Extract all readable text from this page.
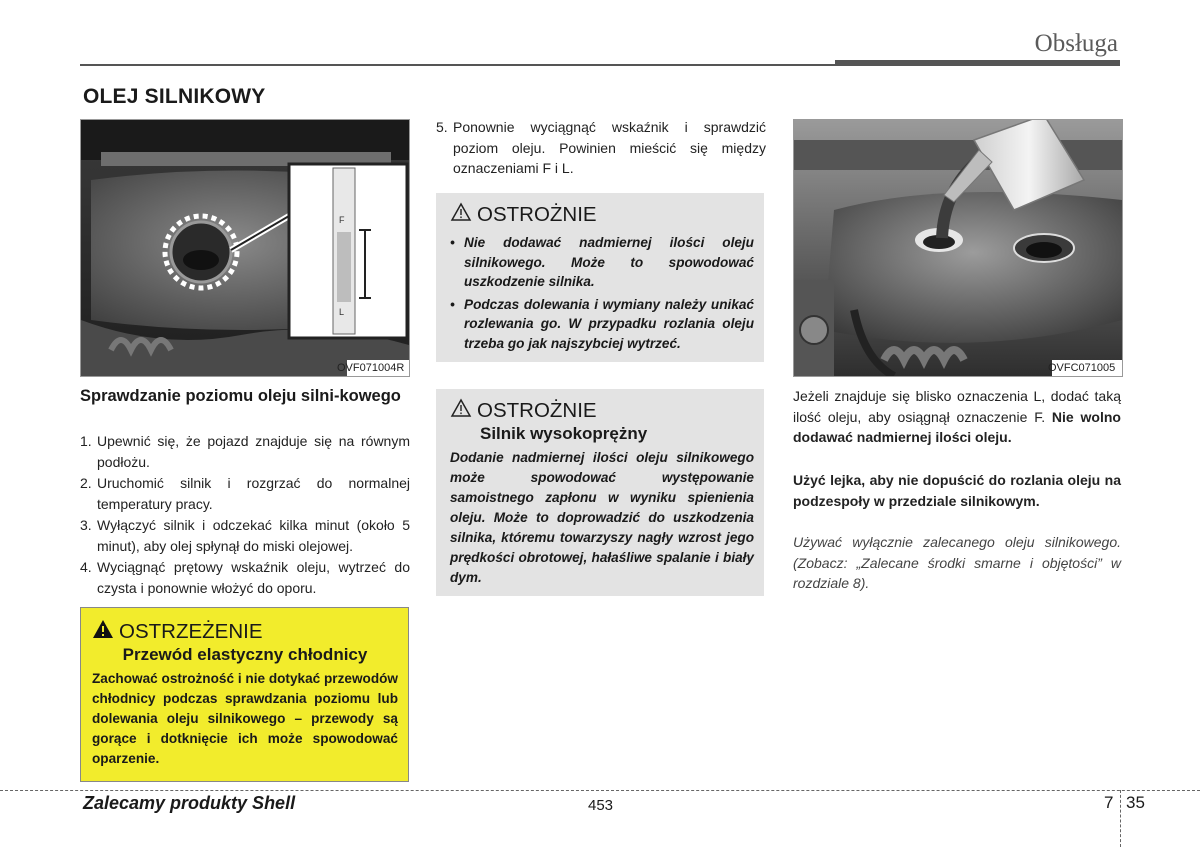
Obsługa
OLEJ SILNIKOWY
F
L
OVF071004R
Sprawdzanie poziomu oleju silni-kowego
1. Upewnić się, że pojazd znajduje się na równym podłożu.
2. Uruchomić silnik i rozgrzać do normalnej temperatury pracy.
3. Wyłączyć silnik i odczekać kilka minut (około 5 minut), aby olej spłynął do miski olejowej.
4. Wyciągnąć prętowy wskaźnik oleju, wytrzeć do czysta i ponownie włożyć do oporu.
OSTRZEŻENIE
Przewód elastyczny chłodnicy
Zachować ostrożność i nie dotykać przewodów chłodnicy podczas sprawdzania poziomu lub dolewania oleju silnikowego – przewody są gorące i dotknięcie ich może spowodować oparzenie.
5. Ponownie wyciągnąć wskaźnik i sprawdzić poziom oleju. Powinien mieścić się między oznaczeniami F i L.
OSTROŻNIE
• Nie dodawać nadmiernej ilości oleju silnikowego. Może to spowodować uszkodzenie silnika.
• Podczas dolewania i wymiany należy unikać rozlewania go. W przypadku rozlania oleju trzeba go jak najszybciej wytrzeć.
OSTROŻNIE
Silnik wysokoprężny
Dodanie nadmiernej ilości oleju silnikowego może spowodować występowanie samoistnego zapłonu w wyniku spienienia oleju. Może to doprowadzić do uszkodzenia silnika, któremu towarzyszy nagły wzrost jego prędkości obrotowej, hałaśliwe spalanie i biały dym.
OVFC071005
Jeżeli znajduje się blisko oznaczenia L, dodać taką ilość oleju, aby osiągnął oznaczenie F. Nie wolno dodawać nadmiernej ilości oleju.
Użyć lejka, aby nie dopuścić do rozlania oleju na podzespoły w przedziale silnikowym.
Używać wyłącznie zalecanego oleju silnikowego. (Zobacz: „Zalecane środki smarne i objętości” w rozdziale 8).
Zalecamy produkty Shell	453	7 35
